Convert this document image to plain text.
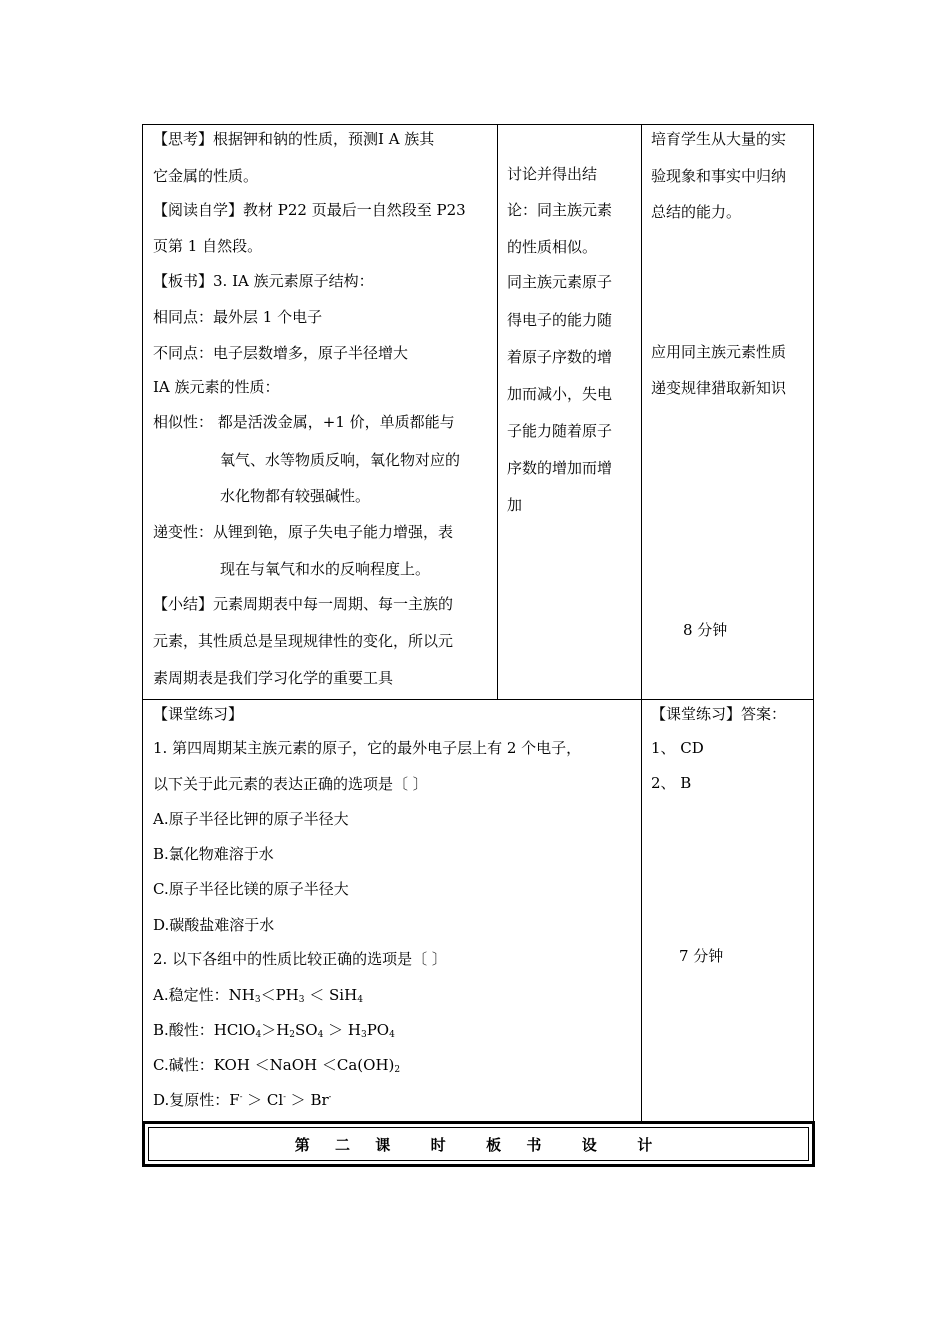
【思考】根据钾和钠的性质，预测Ⅰ A 族其
它金属的性质。
【阅读自学】教材 P22 页最后一自然段至 P23
页第 1 自然段。
【板书】3. ⅠA 族元素原子结构：
相同点：最外层 1 个电子
不同点：电子层数增多，原子半径增大
ⅠA 族元素的性质：
相似性： 都是活泼金属，+1 价，单质都能与
氧气、水等物质反响，氧化物对应的
水化物都有较强碱性。
递变性：从锂到铯，原子失电子能力增强，表
现在与氧气和水的反响程度上。
【小结】元素周期表中每一周期、每一主族的
元素，其性质总是呈现规律性的变化，所以元
素周期表是我们学习化学的重要工具
讨论并得出结
论：同主族元素
的性质相似。
同主族元素原子
得电子的能力随
着原子序数的增
加而减小，失电
子能力随着原子
序数的增加而增
加
培育学生从大量的实
验现象和事实中归纳
总结的能力。
应用同主族元素性质
递变规律猎取新知识
8 分钟
【课堂练习】
1. 第四周期某主族元素的原子，它的最外电子层上有 2 个电子，
以下关于此元素的表达正确的选项是〔 〕
A.原子半径比钾的原子半径大
B.氯化物难溶于水
C.原子半径比镁的原子半径大
D.碳酸盐难溶于水
2. 以下各组中的性质比较正确的选项是〔 〕
A.稳定性：$NH_3<PH_3 < SiH_4$
B.酸性：$HClO_4>H_2SO_4 > H_3PO_4$
C.碱性：KOH ＜NaOH $<Ca(OH)_2$
D.复原性：F- ＞ Cl- ＞ Br-
【课堂练习】答案：
1、 CD
2、 B
7 分钟
第 二 课  时  板 书  设  计
